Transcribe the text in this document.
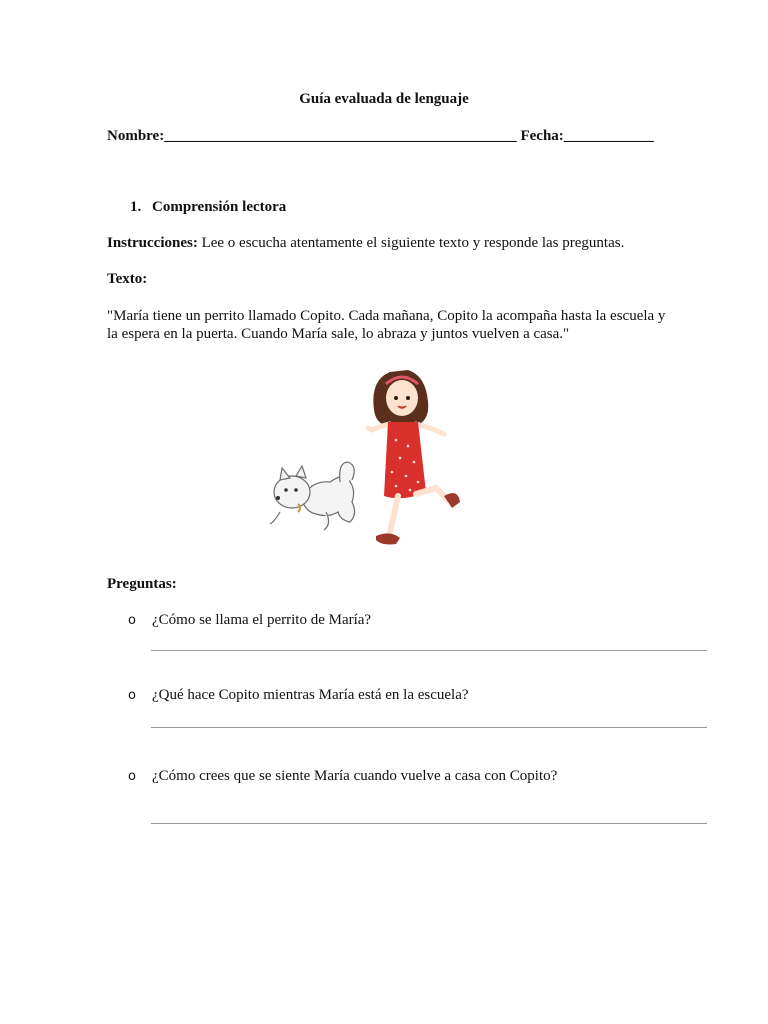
Guía evaluada de lenguaje
Nombre:_______________________________________________ Fecha:____________
1. Comprensión lectora
Instrucciones: Lee o escucha atentamente el siguiente texto y responde las preguntas.
Texto:
"María tiene un perrito llamado Copito. Cada mañana, Copito la acompaña hasta la escuela y la espera en la puerta. Cuando María sale, lo abraza y juntos vuelven a casa."
Preguntas:
o ¿Cómo se llama el perrito de María?
o ¿Qué hace Copito mientras María está en la escuela?
o ¿Cómo crees que se siente María cuando vuelve a casa con Copito?
